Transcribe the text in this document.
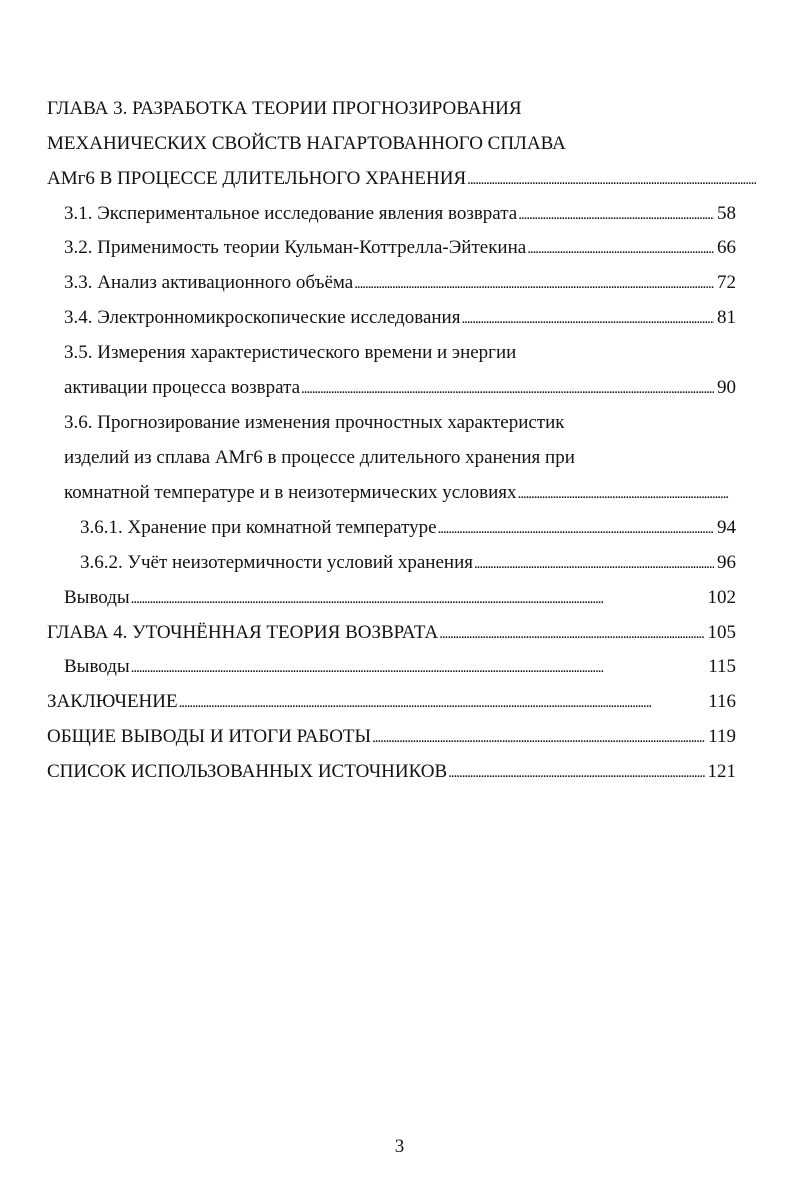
ГЛАВА 3. РАЗРАБОТКА ТЕОРИИ ПРОГНОЗИРОВАНИЯ
МЕХАНИЧЕСКИХ СВОЙСТВ НАГАРТОВАННОГО СПЛАВА
АМг6 В ПРОЦЕССЕ ДЛИТЕЛЬНОГО ХРАНЕНИЯ
. . .
3.1. Экспериментальное исследование явления возврата . . .	58
3.2. Применимость теории Кульман-Коттрелла-Эйтекина . . .	66
3.3. Анализ активационного объёма . . .	72
3.4. Электронномикроскопические исследования . . .	81
3.5. Измерения характеристического времени и энергии
активации процесса возврата . . .	90
3.6. Прогнозирование изменения прочностных характеристик
изделий из сплава АМг6 в процессе длительного хранения при
комнатной температуре и в неизотермических условиях
. . .
3.6.1. Хранение при комнатной температуре . . .	94
3.6.2. Учёт неизотермичности условий хранения . . .	96
Выводы . . .	102
ГЛАВА 4. УТОЧНЁННАЯ ТЕОРИЯ ВОЗВРАТА . . .	105
Выводы . . .	115
ЗАКЛЮЧЕНИЕ . . .	116
ОБЩИЕ ВЫВОДЫ И ИТОГИ РАБОТЫ . . .	119
СПИСОК ИСПОЛЬЗОВАННЫХ ИСТОЧНИКОВ . . .	121
3
